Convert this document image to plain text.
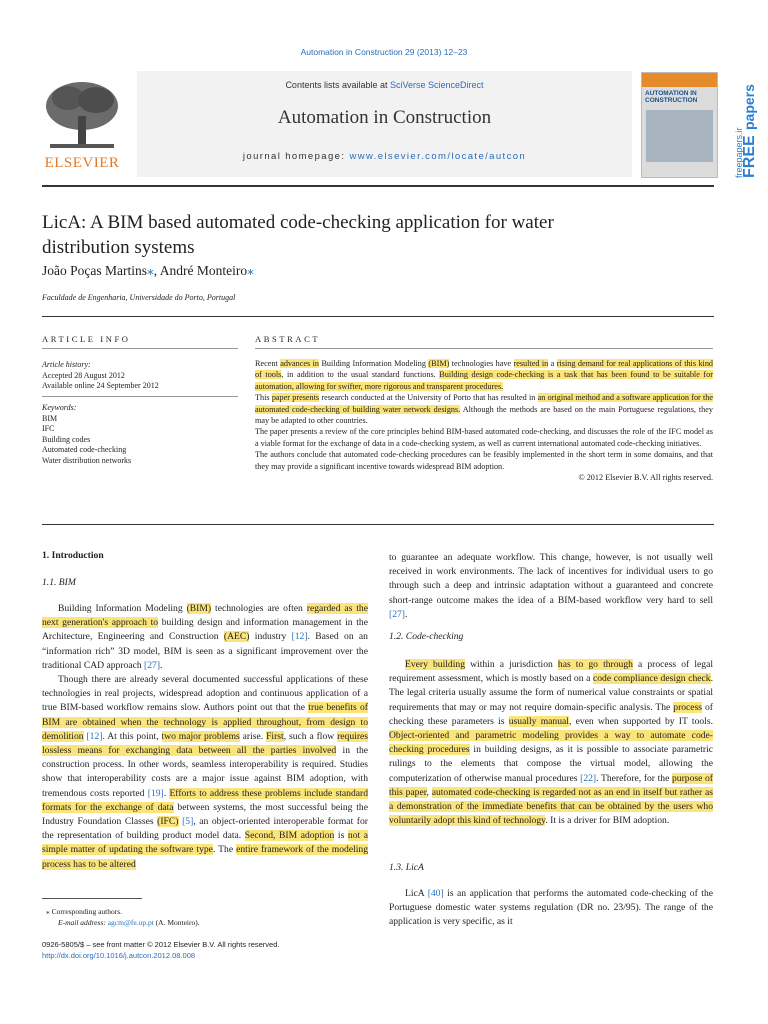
Automation in Construction 29 (2013) 12–23
ELSEVIER
Contents lists available at SciVerse ScienceDirect
Automation in Construction
journal homepage: www.elsevier.com/locate/autcon
AUTOMATION IN
CONSTRUCTION
freepapers.ir
FREE
papers
LicA: A BIM based automated code-checking application for water
distribution systems
João Poças Martins⁎, André Monteiro⁎
Faculdade de Engenharia, Universidade do Porto, Portugal
ARTICLE INFO
Article history:
Accepted 28 August 2012
Available online 24 September 2012
Keywords:
BIM
IFC
Building codes
Automated code-checking
Water distribution networks
ABSTRACT

Recent advances in Building Information Modeling (BIM) technologies have resulted in a rising demand for real applications of this kind of tools, in addition to the usual standard functions. Building design code-checking is a task that has been found to be suitable for automation, allowing for swifter, more rigorous and transparent procedures.

This paper presents research conducted at the University of Porto that has resulted in an original method and a software application for the automated code-checking of building water network designs. Although the methods are based on the main Portuguese regulations, they may be adapted to other countries.

The paper presents a review of the core principles behind BIM-based automated code-checking, and discusses the role of the IFC model as a viable format for the exchange of data in a code-checking system, as well as current international automated code-checking initiatives.

The authors conclude that automated code-checking procedures can be feasibly implemented in the short term in some domains, and that they may provide a significant incentive towards widespread BIM adoption.

© 2012 Elsevier B.V. All rights reserved.

1. Introduction
1.1. BIM

Building Information Modeling (BIM) technologies are often regarded as the next generation's approach to building design and information management in the Architecture, Engineering and Construction (AEC) industry [12]. Based on an “information rich” 3D model, BIM is seen as a significant improvement over the traditional CAD approach [27].

Though there are already several documented successful applications of these technologies in real projects, widespread adoption and continuous application of a true BIM-based workflow remains slow. Authors point out that the true benefits of BIM are obtained when the technology is applied throughout, from design to demolition [12]. At this point, two major problems arise. First, such a flow requires lossless means for exchanging data between all the parties involved in the construction process. In other words, seamless interoperability is required. Studies show that interoperability costs are a major issue against BIM adoption, with tremendous costs reported [19]. Efforts to address these problems include standard formats for the exchange of data between systems, the most successful being the Industry Foundation Classes (IFC) [5], an object-oriented interoperable format for the representation of building product model data. Second, BIM adoption is not a simple matter of updating the software type. The entire framework of the modeling process has to be altered

to guarantee an adequate workflow. This change, however, is not usually well received in work environments. The lack of incentives for individual users to go through such a deep and intrinsic adaptation without a guaranteed and concrete short-range outcome makes the idea of a BIM-based workflow very hard to sell [27].
1.2. Code-checking
Every building within a jurisdiction has to go through a process of legal requirement assessment, which is mostly based on a code compliance design check. The legal criteria usually assume the form of numerical value constraints or spatial requirements that may or may not require domain-specific analysis. The process of checking these parameters is usually manual, even when supported by IT tools. Object-oriented and parametric modeling provides a way to automate code-checking procedures in building designs, as it is possible to associate parametric rulings to the elements that compose the virtual model, allowing the computerization of otherwise manual procedures [22]. Therefore, for the purpose of this paper, automated code-checking is regarded not as an end in itself but rather as a demonstration of the immediate benefits that can be obtained by the users who voluntarily adopt this kind of technology. It is a driver for BIM adoption.
1.3. LicA
LicA [40] is an application that performs the automated code-checking of the Portuguese domestic water systems regulation (DR no. 23/95). The range of the application is very specific, as it
⁎ Corresponding authors.
E-mail address: agcm@fe.up.pt (A. Monteiro).
0926-5805/$ – see front matter © 2012 Elsevier B.V. All rights reserved.
http://dx.doi.org/10.1016/j.autcon.2012.08.008
